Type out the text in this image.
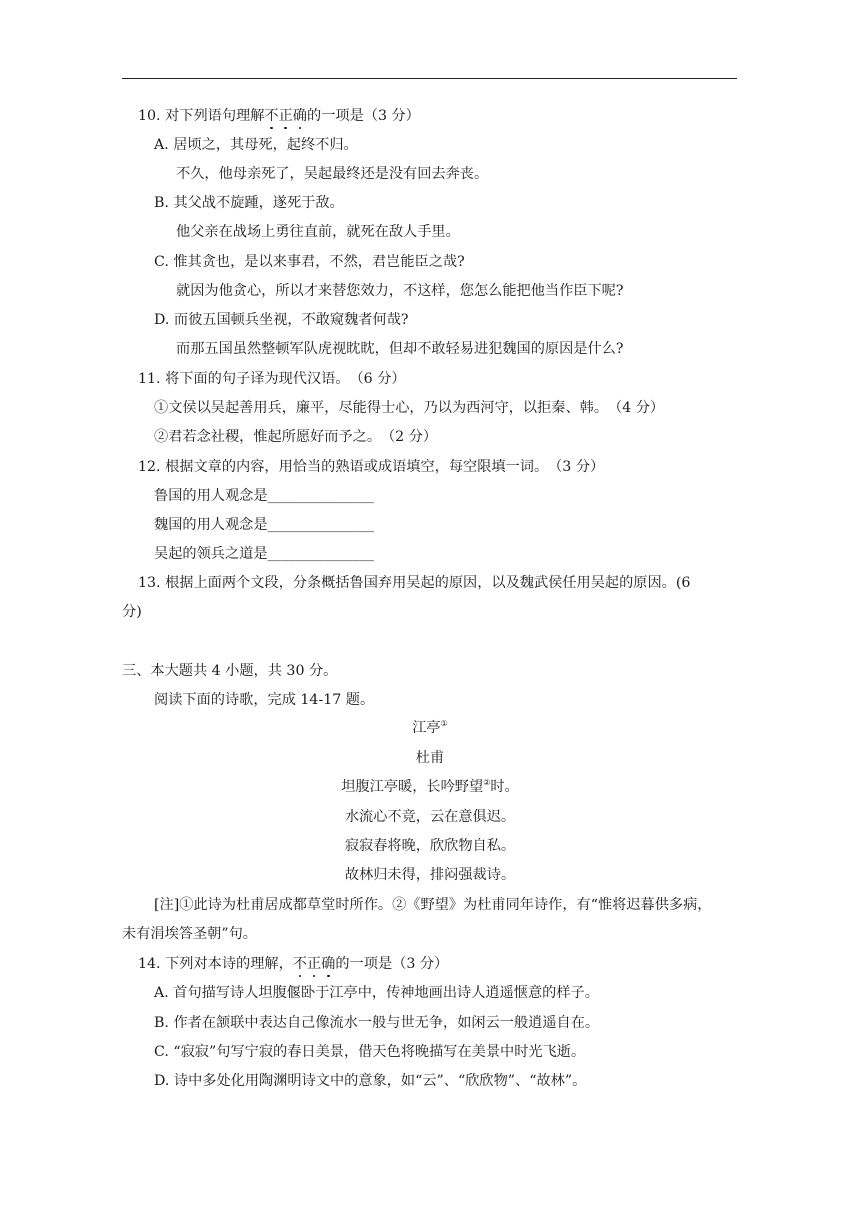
10. 对下列语句理解不正确的一项是（3 分）
A. 居顷之，其母死，起终不归。
不久，他母亲死了，吴起最终还是没有回去奔丧。
B. 其父战不旋踵，遂死于敌。
他父亲在战场上勇往直前，就死在敌人手里。
C. 惟其贪也，是以来事君，不然，君岂能臣之哉?
就因为他贪心，所以才来替您效力，不这样，您怎么能把他当作臣下呢?
D. 而彼五国顿兵坐视，不敢窥魏者何哉?
而那五国虽然整顿军队虎视眈眈，但却不敢轻易进犯魏国的原因是什么?
11. 将下面的句子译为现代汉语。　（6 分）
①文侯以吴起善用兵，廉平，尽能得士心，乃以为西河守，以拒秦、韩。　（4 分）
②君若念社稷，惟起所愿好而予之。　（2 分）
12. 根据文章的内容，用恰当的熟语或成语填空，每空限填一词。　（3 分）
鲁国的用人观念是_______________
魏国的用人观念是_______________
吴起的领兵之道是_______________
13. 根据上面两个文段，分条概括鲁国弃用吴起的原因，以及魏武侯任用吴起的原因。(6
分)
三、本大题共 4 小题，共 30 分。
阅读下面的诗歌，完成 14-17 题。
江亭①
杜甫
坦腹江亭暖，长吟野望②时。
水流心不竞，云在意俱迟。
寂寂春将晚，欣欣物自私。
故林归未得，排闷强裁诗。
[注]①此诗为杜甫居成都草堂时所作。②《野望》为杜甫同年诗作，有“惟将迟暮供多病，
未有涓埃答圣朝”句。
14. 下列对本诗的理解，不正确的一项是（3 分）
A. 首句描写诗人坦腹偃卧于江亭中，传神地画出诗人逍遥惬意的样子。
B. 作者在颔联中表达自己像流水一般与世无争，如闲云一般逍遥自在。
C. “寂寂”句写宁寂的春日美景，借天色将晚描写在美景中时光飞逝。
D. 诗中多处化用陶渊明诗文中的意象，如“云”、“欣欣物”、“故林”。
